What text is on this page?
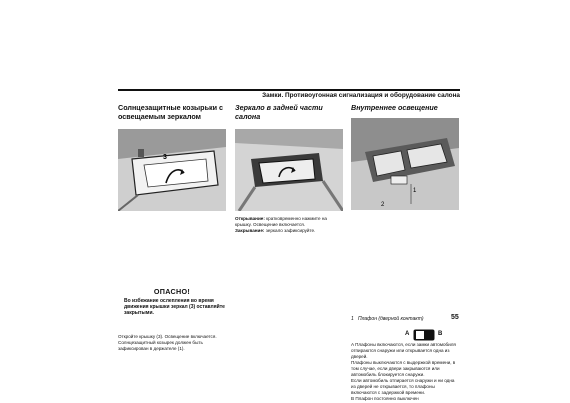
Замки. Противоугонная сигнализация и оборудование салона

Солнцезащитные козырьки с освещаемым зеркалом

3
ОПАСНО!
Во избежание ослепления во время движения крышки зеркал (3) оставляйте закрытыми.
Откройте крышку (3). Освещение включается. Солнцезащитный козырек должен быть зафиксирован в держателе (1).

Зеркало в задней части салона

Открывание: кратковременно нажмите на крышку. Освещение включается.
Закрывание: зеркало зафиксируйте.

Внутреннее освещение

1
2
1 Плафон (дверной контакт)
A	B
A Плафоны включаются, если замки автомобиля отпираются снаружи или открывается одна из дверей.
Плафоны выключаются с выдержкой времени, в том случае, если двери закрываются или автомобиль блокируется снаружи.
Если автомобиль отпирается снаружи и ни одна из дверей не открывается, то плафоны включаются с задержкой времени.
B Плафон постоянно выключен
55
